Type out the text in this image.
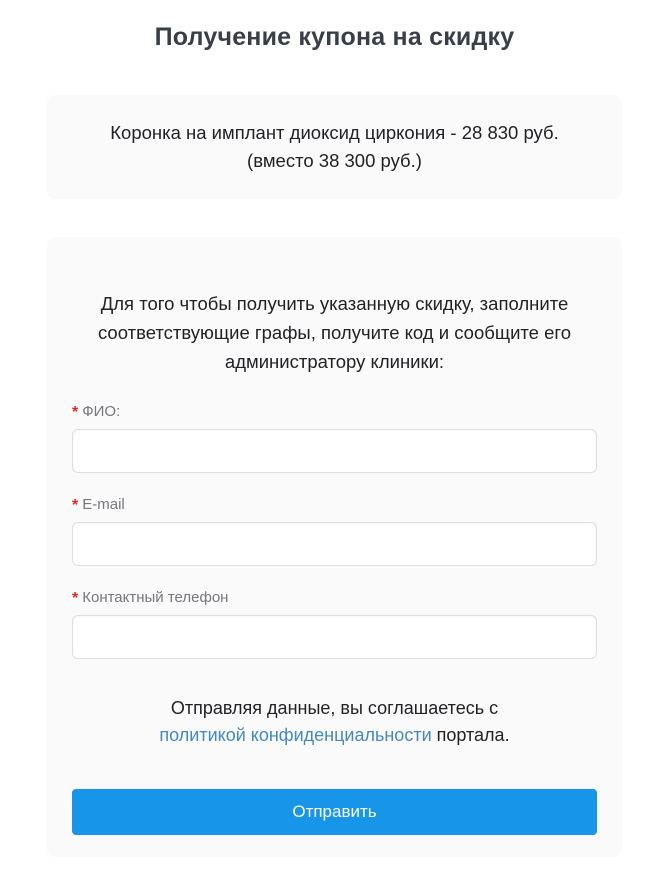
Получение купона на скидку
Коронка на имплант диоксид циркония - 28 830 руб.
(вместо 38 300 руб.)

Для того чтобы получить указанную скидку, заполните соответствующие графы, получите код и сообщите его администратору клиники:

* ФИО:
* E-mail
* Контактный телефон

Отправляя данные, вы соглашаетесь с политикой конфиденциальности портала.

Отправить
